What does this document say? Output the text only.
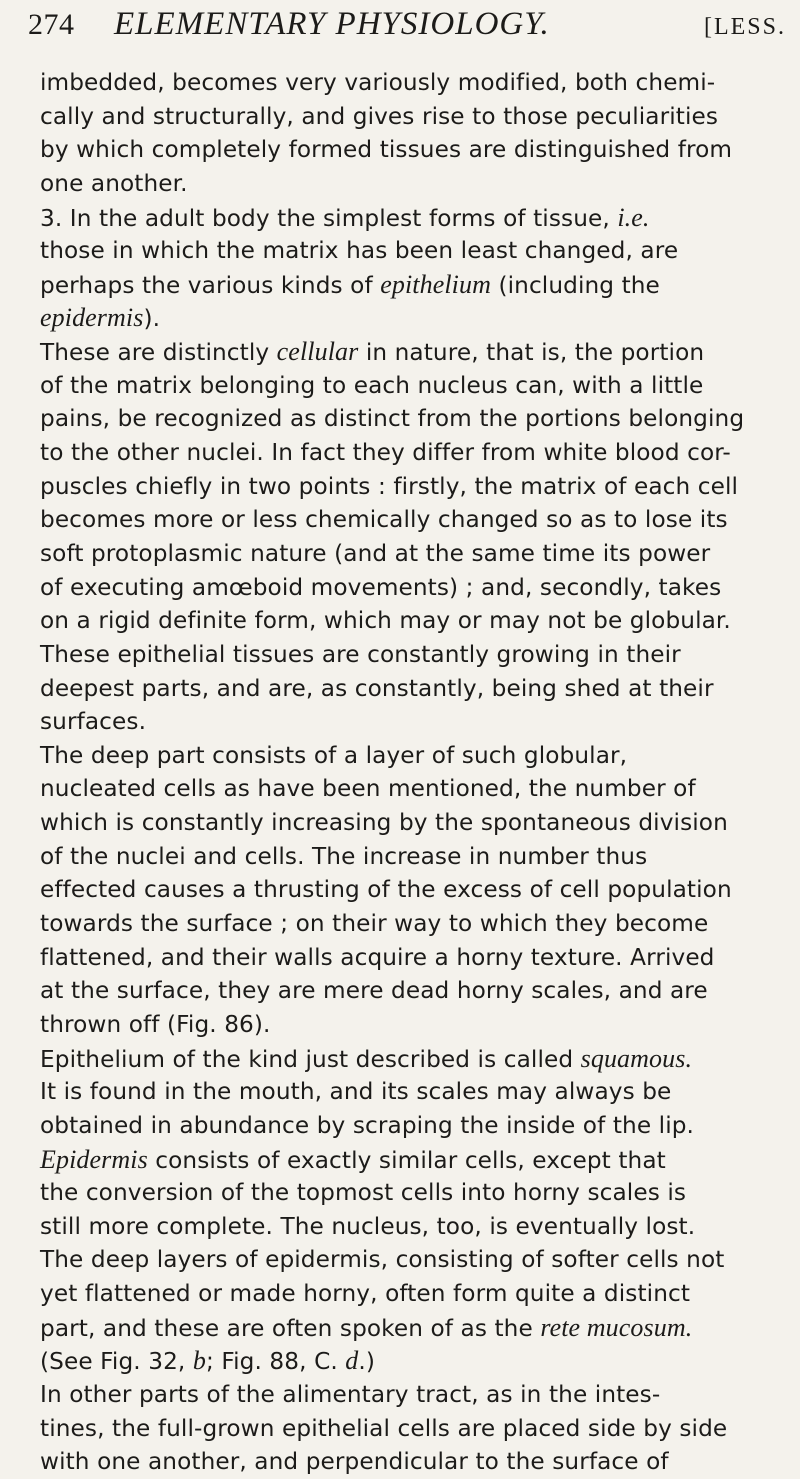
274	ELEMENTARY PHYSIOLOGY.	[LESS.
imbedded, becomes very variously modified, both chemi-
cally and structurally, and gives rise to those peculiarities
by which completely formed tissues are distinguished from
one another.
3. In the adult body the simplest forms of tissue, i.e.
those in which the matrix has been least changed, are
perhaps the various kinds of epithelium (including the
epidermis).
These are distinctly cellular in nature, that is, the portion
of the matrix belonging to each nucleus can, with a little
pains, be recognized as distinct from the portions belonging
to the other nuclei. In fact they differ from white blood cor-
puscles chiefly in two points : firstly, the matrix of each cell
becomes more or less chemically changed so as to lose its
soft protoplasmic nature (and at the same time its power
of executing amœboid movements) ; and, secondly, takes
on a rigid definite form, which may or may not be globular.
These epithelial tissues are constantly growing in their
deepest parts, and are, as constantly, being shed at their
surfaces.
The deep part consists of a layer of such globular,
nucleated cells as have been mentioned, the number of
which is constantly increasing by the spontaneous division
of the nuclei and cells. The increase in number thus
effected causes a thrusting of the excess of cell population
towards the surface ; on their way to which they become
flattened, and their walls acquire a horny texture. Arrived
at the surface, they are mere dead horny scales, and are
thrown off (Fig. 86).
Epithelium of the kind just described is called squamous.
It is found in the mouth, and its scales may always be
obtained in abundance by scraping the inside of the lip.
Epidermis consists of exactly similar cells, except that
the conversion of the topmost cells into horny scales is
still more complete. The nucleus, too, is eventually lost.
The deep layers of epidermis, consisting of softer cells not
yet flattened or made horny, often form quite a distinct
part, and these are often spoken of as the rete mucosum.
(See Fig. 32, b; Fig. 88, C. d.)
In other parts of the alimentary tract, as in the intes-
tines, the full-grown epithelial cells are placed side by side
with one another, and perpendicular to the surface of
